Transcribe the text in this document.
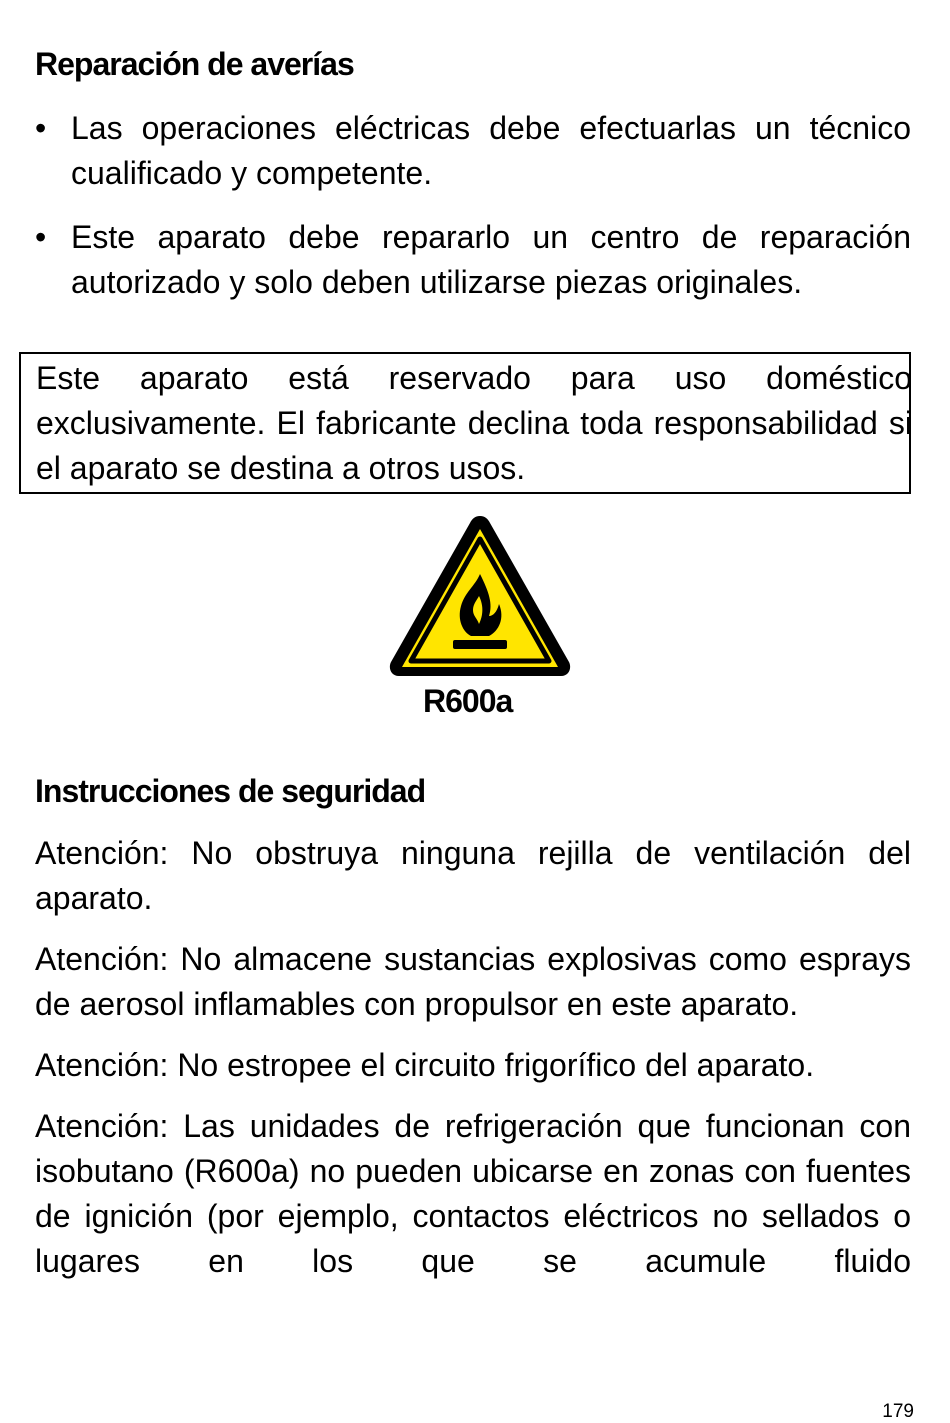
Reparación de averías
• Las operaciones eléctricas debe efectuarlas un técnico cualificado y competente.
• Este aparato debe repararlo un centro de reparación autorizado y solo deben utilizarse piezas originales.

Este aparato está reservado para uso doméstico exclusivamente. El fabricante declina toda responsabilidad si el aparato se destina a otros usos.

R600a
Instrucciones de seguridad

Atención: No obstruya ninguna rejilla de ventilación del aparato.

Atención: No almacene sustancias explosivas como esprays de aerosol inflamables con propulsor en este aparato.

Atención: No estropee el circuito frigorífico del aparato.

Atención: Las unidades de refrigeración que funcionan con isobutano (R600a) no pueden ubicarse en zonas con fuentes de ignición (por ejemplo, contactos eléctricos no sellados o lugares en los que se acumule fluido

179
